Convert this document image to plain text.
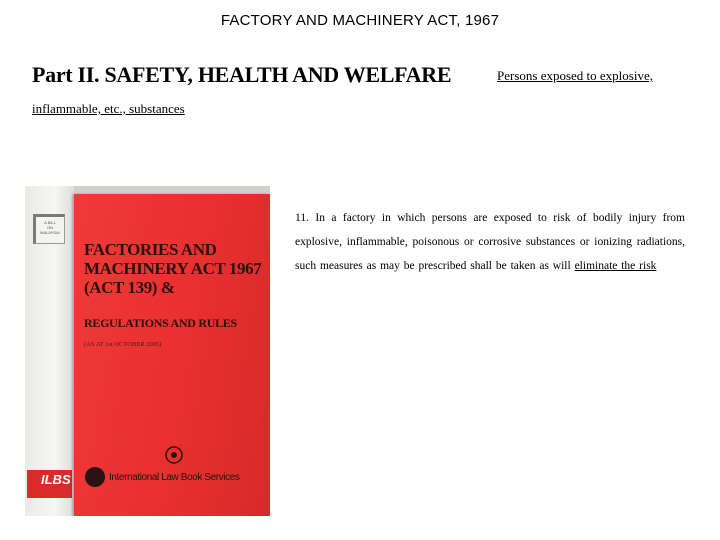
FACTORY AND MACHINERY ACT, 1967
Part II. SAFETY, HEALTH AND WELFARE	Persons exposed to explosive,
inflammable, etc., substances
A BILL
ON
MALAYSIA
ILBS
FACTORIES AND
MACHINERY ACT 1967
(ACT 139) &
REGULATIONS AND RULES
(AS AT 1st OCTOBER 2005)
International Law Book Services
11. In a factory in which persons are exposed to risk of bodily injury from explosive, inflammable, poisonous or corrosive substances or ionizing radiations, such measures as may be prescribed shall be taken as will eliminate the risk
